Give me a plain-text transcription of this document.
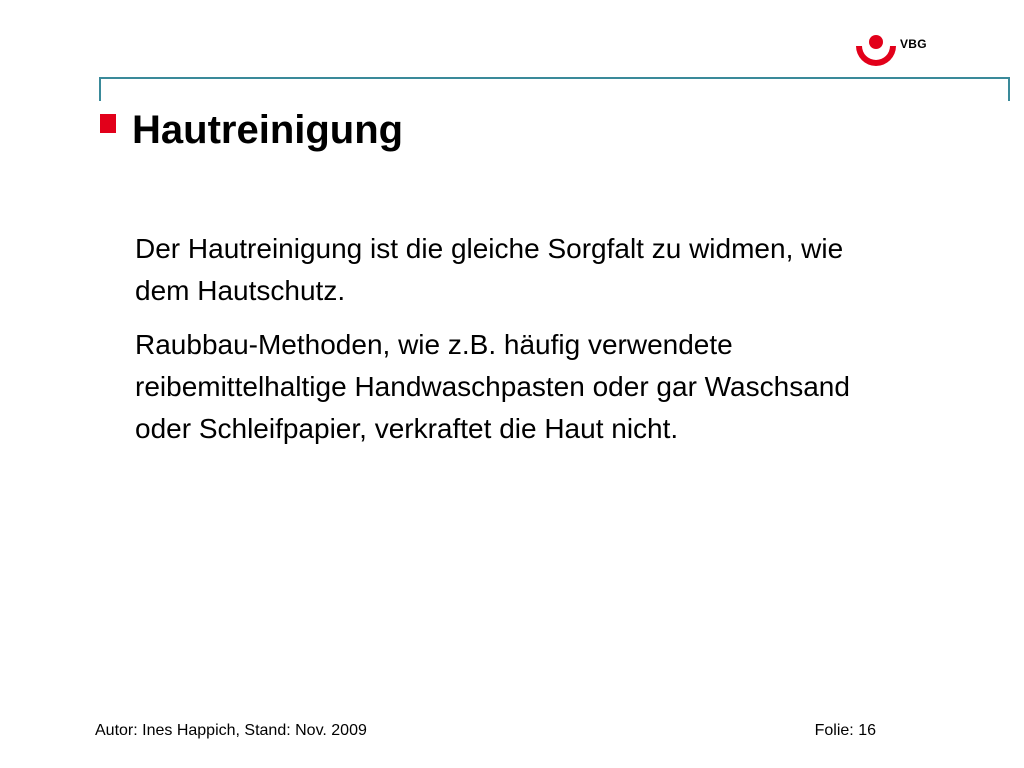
VBG
Hautreinigung

Der Hautreinigung ist die gleiche Sorgfalt zu widmen, wie dem Hautschutz.

Raubbau-Methoden, wie z.B. häufig verwendete reibemittelhaltige Handwaschpasten oder gar Waschsand oder Schleifpapier, verkraftet die Haut nicht.

Autor: Ines Happich, Stand: Nov. 2009	Folie: 16
